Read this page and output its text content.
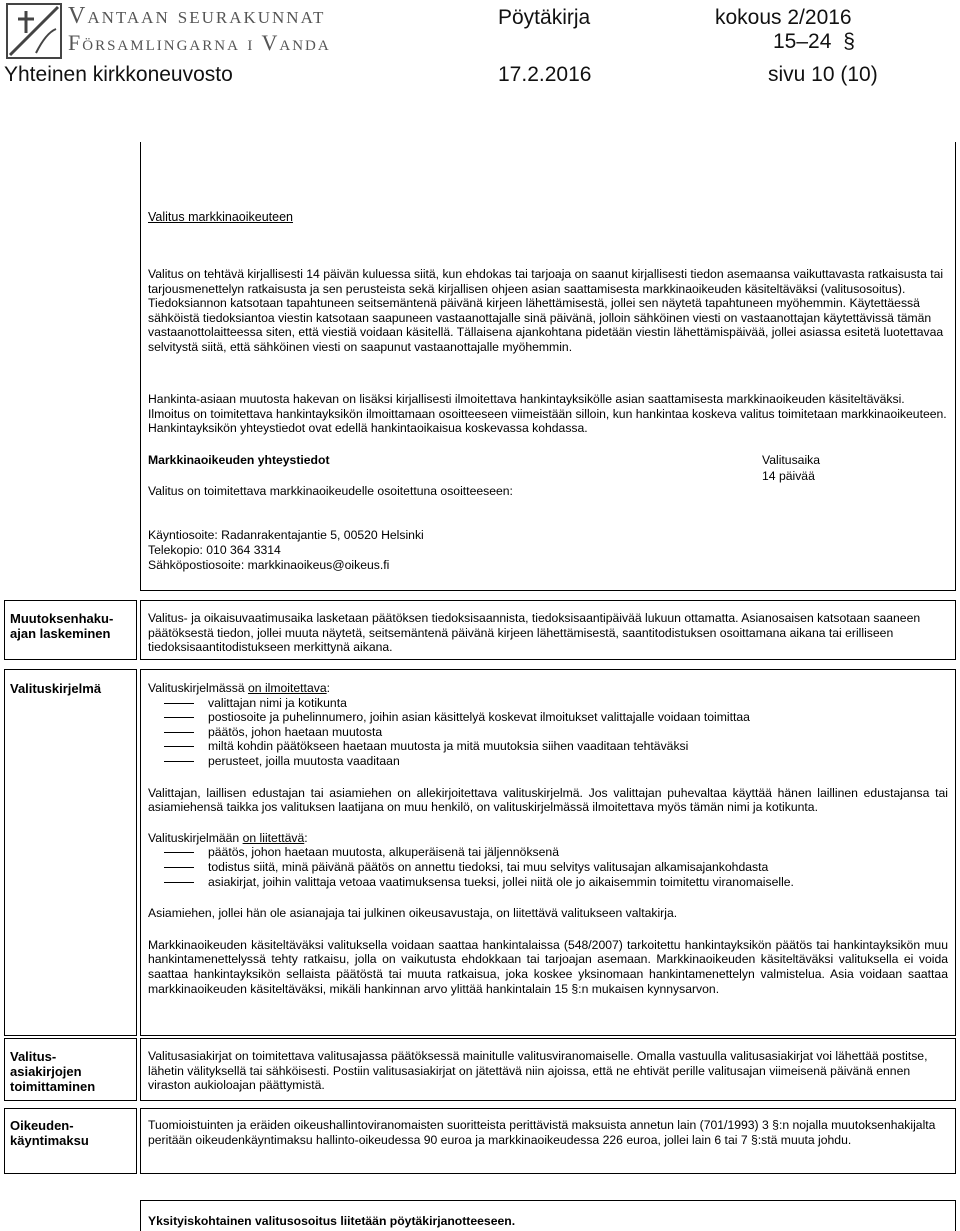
Vantaan seurakunnat
Församlingarna i Vanda
Pöytäkirja	kokous 2/2016
15–24 §
Yhteinen kirkkoneuvosto	17.2.2016	sivu 10 (10)
Valitus markkinaoikeuteen
Valitus on tehtävä kirjallisesti 14 päivän kuluessa siitä, kun ehdokas tai tarjoaja on saanut kirjallisesti tiedon asemaansa vaikuttavasta ratkaisusta tai tarjousmenettelyn ratkaisusta ja sen perusteista sekä kirjallisen ohjeen asian saattamisesta markkinaoikeuden käsiteltäväksi (valitusosoitus). Tiedoksiannon katsotaan tapahtuneen seitsemäntenä päivänä kirjeen lähettämisestä, jollei sen näytetä tapahtuneen myöhemmin. Käytettäessä sähköistä tiedoksiantoa viestin katsotaan saapuneen vastaanottajalle sinä päivänä, jolloin sähköinen viesti on vastaanottajan käytettävissä tämän vastaanottolaitteessa siten, että viestiä voidaan käsitellä. Tällaisena ajankohtana pidetään viestin lähettämispäivää, jollei asiassa esitetä luotettavaa selvitystä siitä, että sähköinen viesti on saapunut vastaanottajalle myöhemmin.
Hankinta-asiaan muutosta hakevan on lisäksi kirjallisesti ilmoitettava hankintayksikölle asian saattamisesta markkinaoikeuden käsiteltäväksi. Ilmoitus on toimitettava hankintayksikön ilmoittamaan osoitteeseen viimeistään silloin, kun hankintaa koskeva valitus toimitetaan markkinaoikeuteen. Hankintayksikön yhteystiedot ovat edellä hankintaoikaisua koskevassa kohdassa.
Markkinaoikeuden yhteystiedot
Valitus on toimitettava markkinaoikeudelle osoitettuna osoitteeseen:
Valitusaika
14 päivää
Käyntiosoite: Radanrakentajantie 5, 00520 Helsinki
Telekopio: 010 364 3314
Sähköpostiosoite: markkinaoikeus@oikeus.fi
Muutoksenhaku-
ajan laskeminen
Valitus- ja oikaisuvaatimusaika lasketaan päätöksen tiedoksisaannista, tiedoksisaantipäivää lukuun ottamatta. Asianosaisen katsotaan saaneen päätöksestä tiedon, jollei muuta näytetä, seitsemäntenä päivänä kirjeen lähettämisestä, saantitodistuksen osoittamana aikana tai erilliseen tiedoksisaantitodistukseen merkittynä aikana.
Valituskirjelmä	Valituskirjelmässä on ilmoitettava:

valittajan nimi ja kotikunta
postiosoite ja puhelinnumero, joihin asian käsittelyä koskevat ilmoitukset valittajalle voidaan toimittaa
päätös, johon haetaan muutosta
miltä kohdin päätökseen haetaan muutosta ja mitä muutoksia siihen vaaditaan tehtäväksi
perusteet, joilla muutosta vaaditaan

Valittajan, laillisen edustajan tai asiamiehen on allekirjoitettava valituskirjelmä. Jos valittajan puhevaltaa käyttää hänen laillinen edustajansa tai asiamiehensä taikka jos valituksen laatijana on muu henkilö, on valituskirjelmässä ilmoitettava myös tämän nimi ja kotikunta.

Valituskirjelmään on liitettävä:

päätös, johon haetaan muutosta, alkuperäisenä tai jäljennöksenä
todistus siitä, minä päivänä päätös on annettu tiedoksi, tai muu selvitys valitusajan alkamisajankohdasta
asiakirjat, joihin valittaja vetoaa vaatimuksensa tueksi, jollei niitä ole jo aikaisemmin toimitettu viranomaiselle.

Asiamiehen, jollei hän ole asianajaja tai julkinen oikeusavustaja, on liitettävä valitukseen valtakirja.

Markkinaoikeuden käsiteltäväksi valituksella voidaan saattaa hankintalaissa (548/2007) tarkoitettu hankintayksikön päätös tai hankintayksikön muu hankintamenettelyssä tehty ratkaisu, jolla on vaikutusta ehdokkaan tai tarjoajan asemaan. Markkinaoikeuden käsiteltäväksi valituksella ei voida saattaa hankintayksikön sellaista päätöstä tai muuta ratkaisua, joka koskee yksinomaan hankintamenettelyn valmistelua. Asia voidaan saattaa markkinaoikeuden käsiteltäväksi, mikäli hankinnan arvo ylittää hankintalain 15 §:n mukaisen kynnysarvon.

Valitus-
asiakirjojen
toimittaminen
Valitusasiakirjat on toimitettava valitusajassa päätöksessä mainitulle valitusviranomaiselle. Omalla vastuulla valitusasiakirjat voi lähettää postitse, lähetin välityksellä tai sähköisesti. Postiin valitusasiakirjat on jätettävä niin ajoissa, että ne ehtivät perille valitusajan viimeisenä päivänä ennen viraston aukioloajan päättymistä.
Oikeuden-
käyntimaksu
Tuomioistuinten ja eräiden oikeushallintoviranomaisten suoritteista perittävistä maksuista annetun lain (701/1993) 3 §:n nojalla muutoksenhakijalta peritään oikeudenkäyntimaksu hallinto-oikeudessa 90 euroa ja markkinaoikeudessa 226 euroa, jollei lain 6 tai 7 §:stä muuta johdu.
Yksityiskohtainen valitusosoitus liitetään pöytäkirjanotteeseen.
